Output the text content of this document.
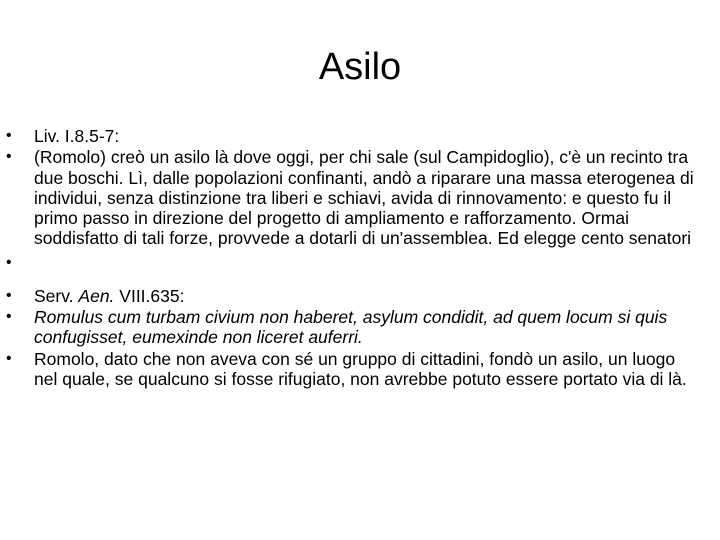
Asilo
•	Liv. I.8.5-7:
•	(Romolo) creò un asilo là dove oggi, per chi sale (sul Campidoglio), c'è un recinto tra due boschi. Lì, dalle popolazioni confinanti, andò a riparare una massa eterogenea di individui, senza distinzione tra liberi e schiavi, avida di rinnovamento: e questo fu il primo passo in direzione del progetto di ampliamento e rafforzamento. Ormai soddisfatto di tali forze, provvede a dotarli di un'assemblea. Ed elegge cento senatori
•
•	Serv. Aen. VIII.635:
•	Romulus cum turbam civium non haberet, asylum condidit, ad quem locum si quis confugisset, eumexinde non liceret auferri.
•	Romolo, dato che non aveva con sé un gruppo di cittadini, fondò un asilo, un luogo nel quale, se qualcuno si fosse rifugiato, non avrebbe potuto essere portato via di là.
